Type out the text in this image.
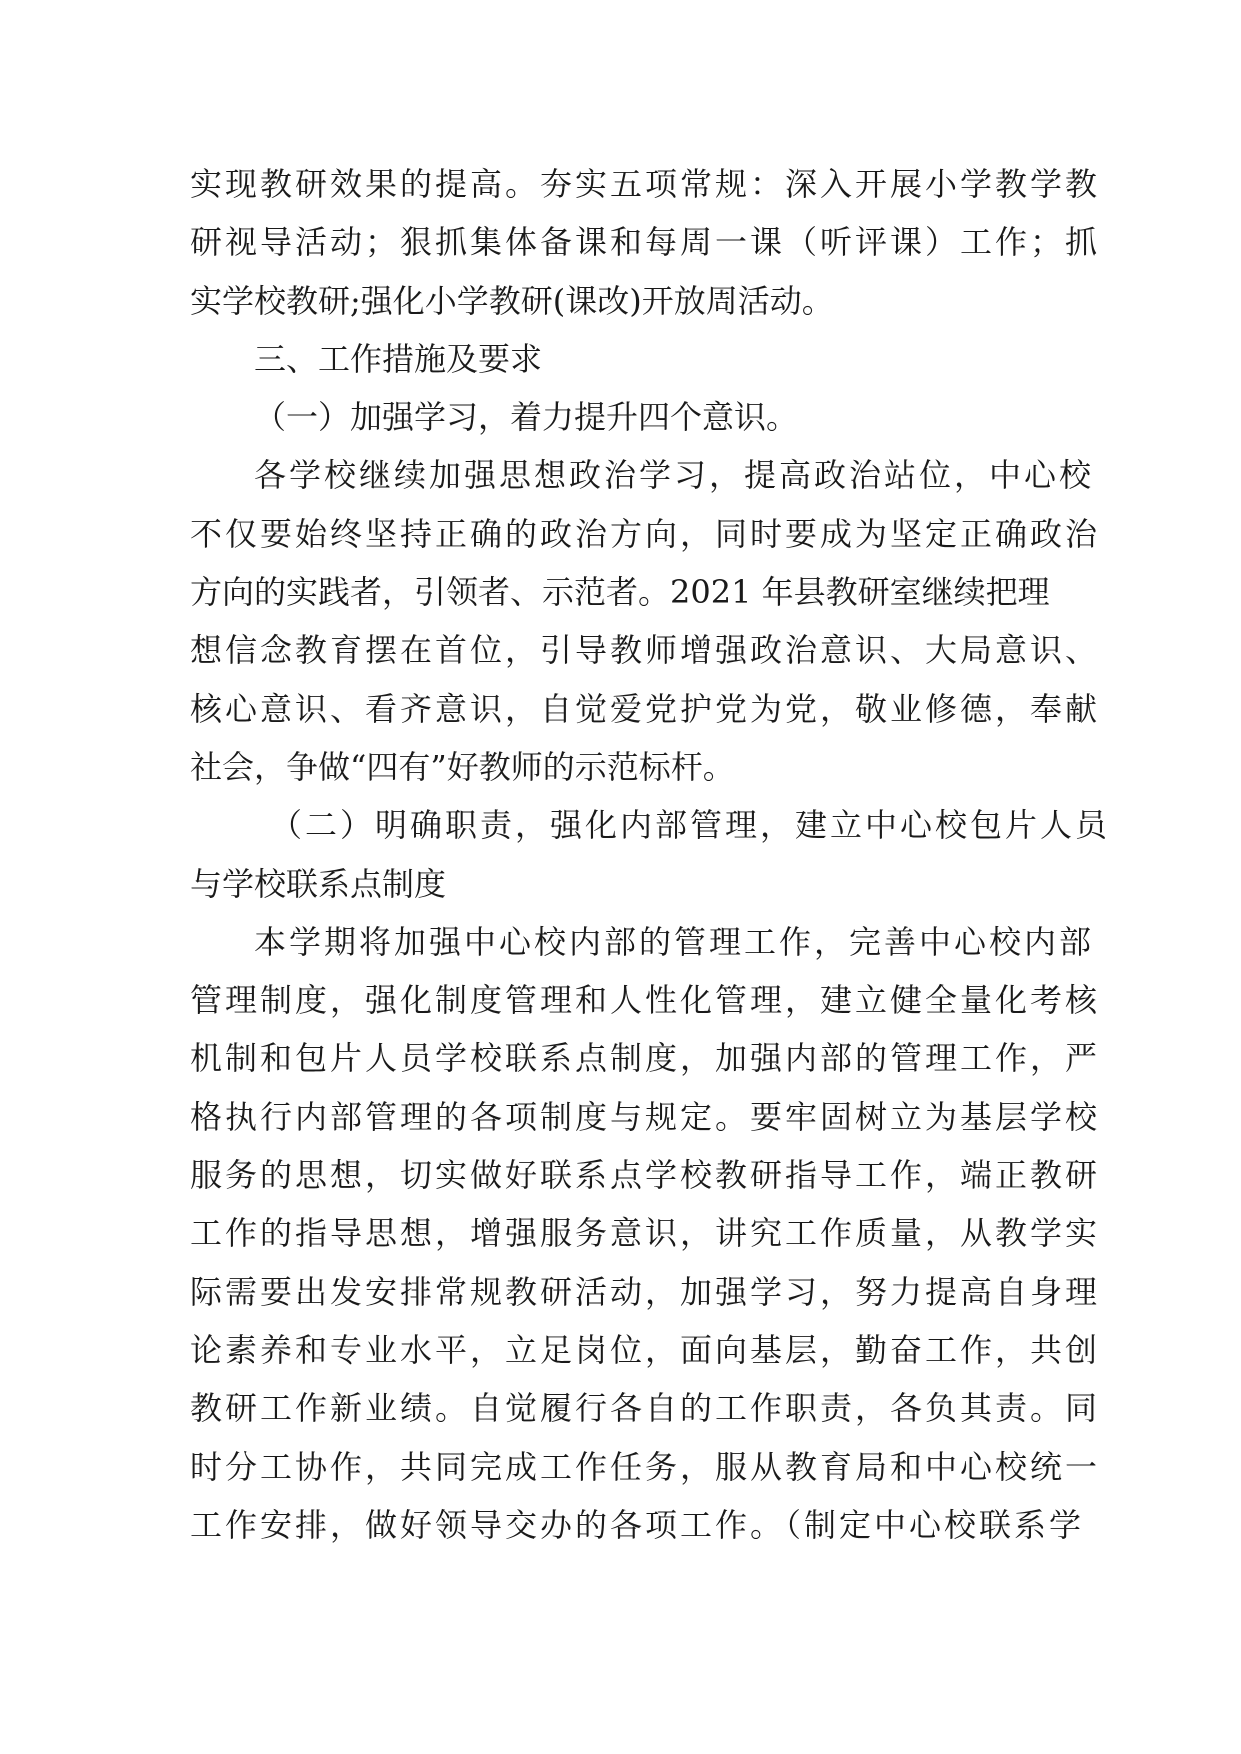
实现教研效果的提高。夯实五项常规：深入开展小学教学教
研视导活动；狠抓集体备课和每周一课（听评课）工作；抓
实学校教研;强化小学教研(课改)开放周活动。
三、工作措施及要求
（一）加强学习，着力提升四个意识。
各学校继续加强思想政治学习，提高政治站位，中心校
不仅要始终坚持正确的政治方向，同时要成为坚定正确政治
方向的实践者，引领者、示范者。2021 年县教研室继续把理
想信念教育摆在首位，引导教师增强政治意识、大局意识、
核心意识、看齐意识，自觉爱党护党为党，敬业修德，奉献
社会，争做“四有”好教师的示范标杆。
（二）明确职责，强化内部管理，建立中心校包片人员
与学校联系点制度
本学期将加强中心校内部的管理工作，完善中心校内部
管理制度，强化制度管理和人性化管理，建立健全量化考核
机制和包片人员学校联系点制度，加强内部的管理工作，严
格执行内部管理的各项制度与规定。要牢固树立为基层学校
服务的思想，切实做好联系点学校教研指导工作，端正教研
工作的指导思想，增强服务意识，讲究工作质量，从教学实
际需要出发安排常规教研活动，加强学习，努力提高自身理
论素养和专业水平，立足岗位，面向基层，勤奋工作，共创
教研工作新业绩。自觉履行各自的工作职责，各负其责。同
时分工协作，共同完成工作任务，服从教育局和中心校统一
工作安排，做好领导交办的各项工作。（制定中心校联系学
